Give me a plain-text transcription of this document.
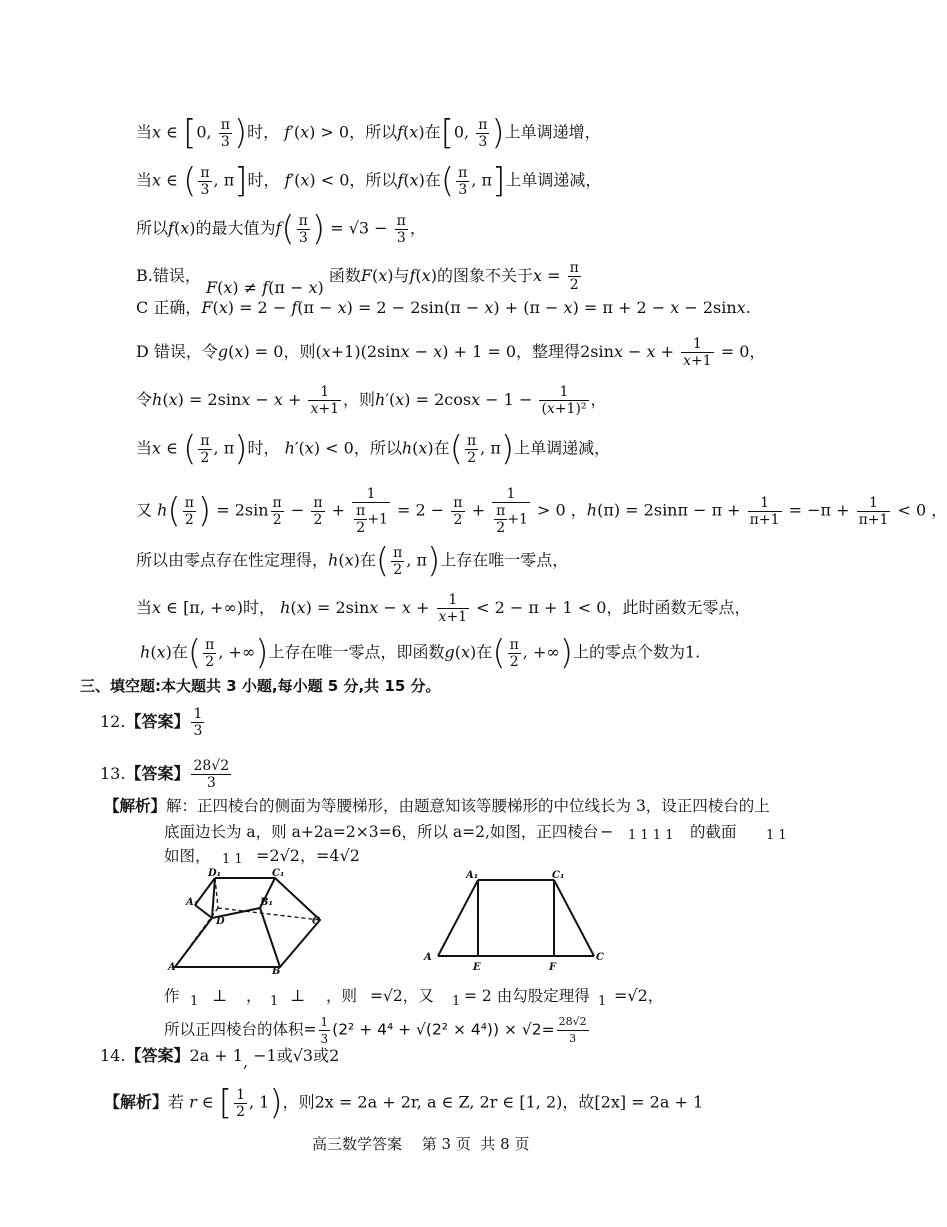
当x ∈ [0, $\frac{\pi}{3}$ )时， f′(x) > 0，所以f(x)在[0, $\frac{\pi}{3}$ )上单调递增，
当x ∈ ( $\frac{\pi}{3}$ , π]时， f′(x) < 0，所以f(x)在( $\frac{\pi}{3}$ , π]上单调递减，
所以f(x)的最大值为$f( \frac{\pi}{3}$ ) = $√3 - \frac{\pi}{3}$ ，
B.错误， F(x) ≠ f(π − x) 函数F(x)与f(x)的图象不关于$x = \frac{\pi}{2}$
C 正确，F(x) = 2 − f(π − x) = 2 − 2sin(π − x) + (π − x) = π + 2 − x − 2sinx.
D 错误，令g(x) = 0，则(x+1)(2sinx − x) + 1 = 0，整理得$2\sin x - x + \frac{1}{x+1} = 0$，
令$h(x) = 2\sin x - x + \frac{1}{x+1}$ ，则$h'(x) = 2\cos x - 1 - \frac{1}{\text{(x+1)²}}$ ，
当x ∈ ( $\frac{\pi}{2}$ , π)时， h′(x) < 0，所以h(x)在( $\frac{\pi}{2}$ , π)上单调递减，
又 $h( \frac{\pi}{2}$ ) = $2\sin \frac{\pi}{2} - \frac{\pi}{2} + \frac{1}{\frac{\pi}{2} +1} = 2 - \frac{\pi}{2} + \frac{1}{\frac{\pi}{2} +1} > 0$ ，$h(\pi) = 2\sin\pi - \pi + \frac{1}{\pi+1} = -\pi + \frac{1}{\pi+1} < 0$ ，
所以由零点存在性定理得，h(x)在( $\frac{\pi}{2}$ , π)上存在唯一零点，
当x ∈ [π, +∞)时， $h(x) = 2\sin x - x + \frac{1}{x+1} < 2 - \pi + 1 < 0$，此时函数无零点，
h(x)在( $\frac{\pi}{2}$ , +∞)上存在唯一零点，即函数g(x)在( $\frac{\pi}{2}$ , +∞)上的零点个数为1.
三、填空题:本大题共 3 小题,每小题 5 分,共 15 分。
12.【答案】 $\frac{1}{3}$
13.【答案】 $\frac{28√2}{3}$
【解析】解：正四棱台的侧面为等腰梯形，由题意知该等腰梯形的中位线长为 3，设正四棱台的上
底面边长为 a，则 a+2a=2×3=6，所以 a=2,如图，正四棱台 − 1 1 1 1 的截面 1 1
如图， 1 1 =2√2， =4√2
D₁	C₁
A₁	B₁
D	C
A	B
A₁	C₁
A
E	F
C
作 1 ⊥ ， 1 ⊥ ，则 =√2，又 1 = 2 由勾股定理得 1 =√2，
所以正四棱台的体积= $\frac{1}{3} (2^2 + 4^4 + √(2^2 \times 4^4)) \times √2= \frac{28√2}{3}$
14.【答案】2a + 1, −1或√3或2
【解析】若 r ∈ [ $\frac{1}{2}$ , 1)，则2x = 2a + 2r, a ∈ Z, 2r ∈ [1, 2)，故[2x] = 2a + 1
高三数学答案　 第 3 页  共 8 页
